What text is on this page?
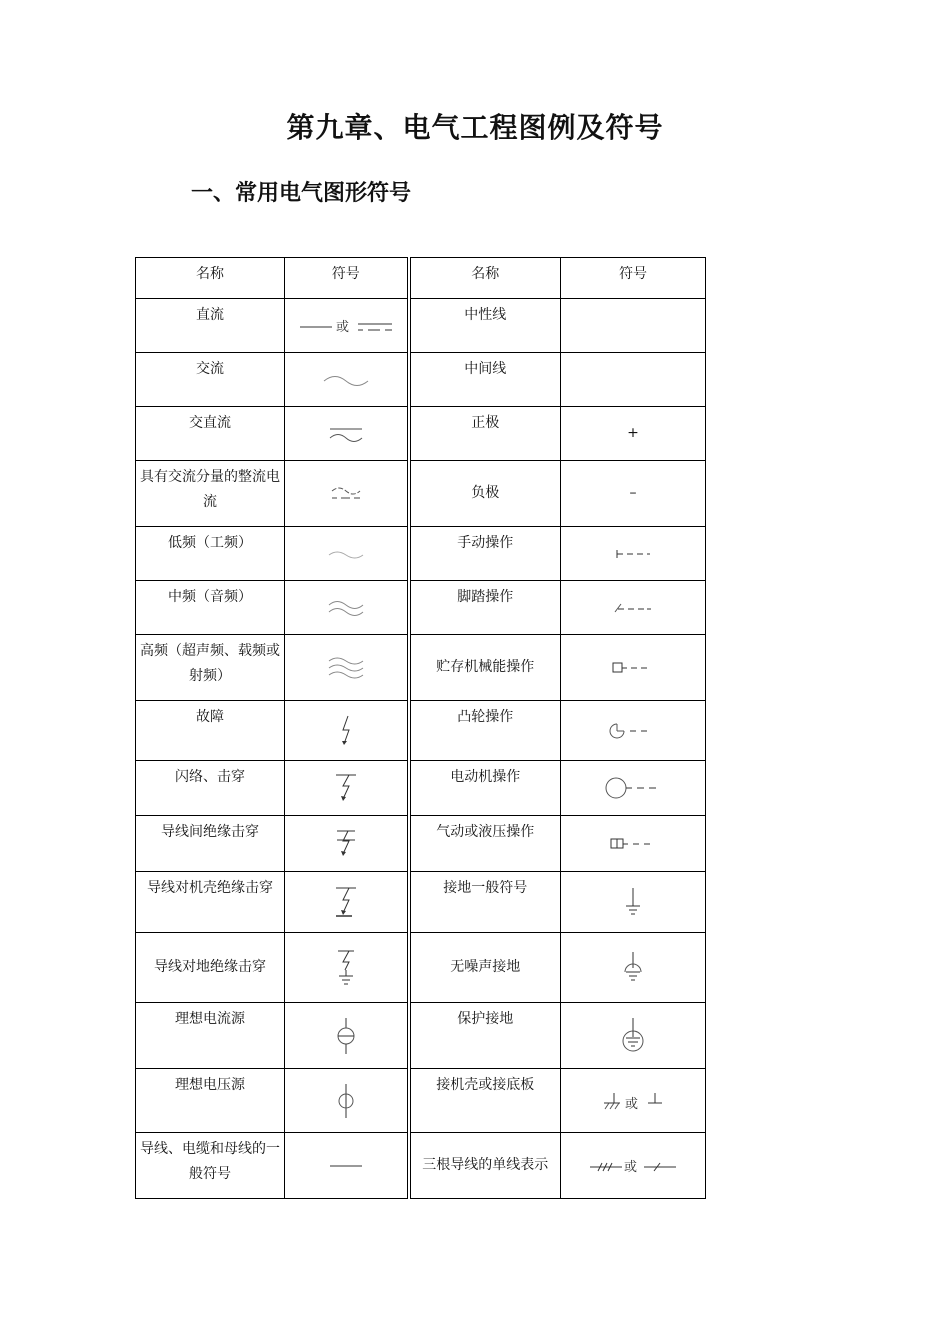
第九章、电气工程图例及符号
一、常用电气图形符号
名称	符号	名称	符号
直流	或	中性线	
交流		中间线	
交直流		正极	+
具有交流分量的整流电流		负极	–
低频（工频）		手动操作	

中频（音频）		脚踏操作	

高频（超声频、载频或射频）		贮存机械能操作	

故障		凸轮操作	

闪络、击穿		电动机操作	

导线间绝缘击穿		气动或液压操作	

导线对机壳绝缘击穿		接地一般符号	

导线对地绝缘击穿		无噪声接地	

理想电流源		保护接地	

理想电压源		接机壳或接底板	或

导线、电缆和母线的一般符号		三根导线的单线表示	或
